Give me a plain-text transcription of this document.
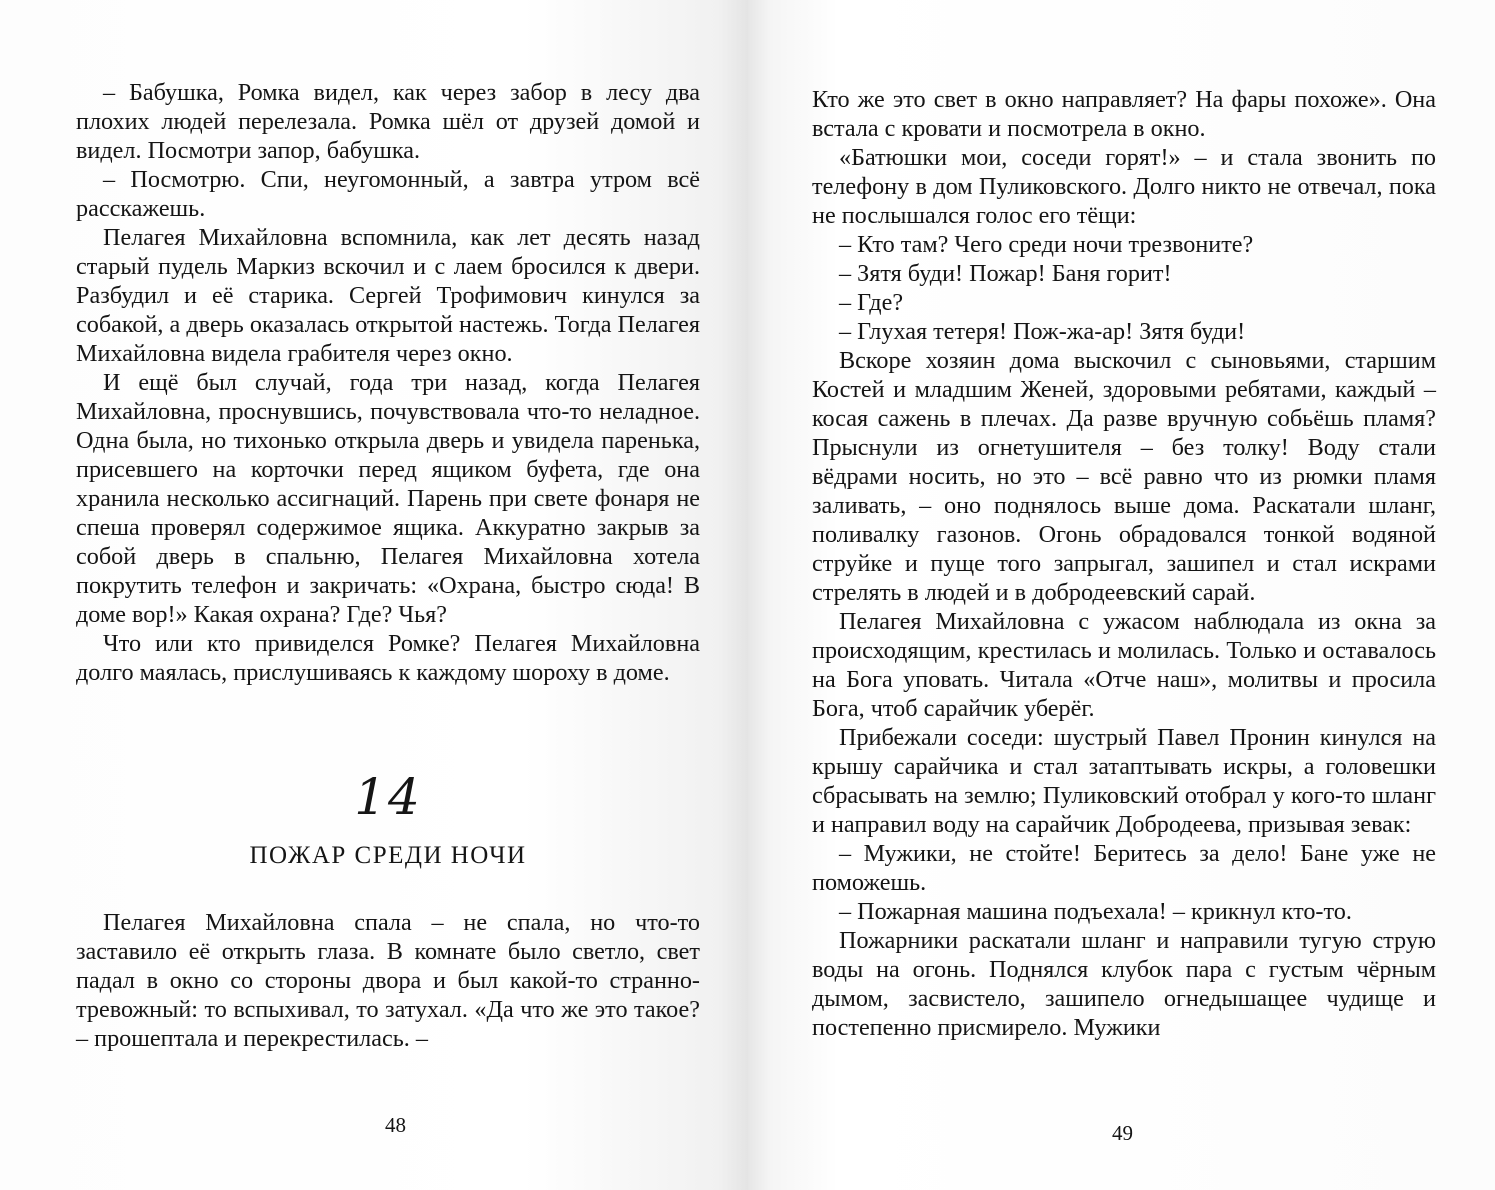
– Бабушка, Ромка видел, как через забор в лесу два плохих людей перелезала. Ромка шёл от друзей домой и видел. Посмотри запор, бабушка.

– Посмотрю. Спи, неугомонный, а завтра утром всё расскажешь.

Пелагея Михайловна вспомнила, как лет десять назад старый пудель Маркиз вскочил и с лаем бросился к двери. Разбудил и её старика. Сергей Трофимович кинулся за собакой, а дверь оказалась открытой настежь. Тогда Пелагея Михайловна видела грабителя через окно.

И ещё был случай, года три назад, когда Пелагея Михайловна, проснувшись, почувствовала что-то неладное. Одна была, но тихонько открыла дверь и увидела паренька, присевшего на корточки перед ящиком буфета, где она хранила несколько ассигнаций. Парень при свете фонаря не спеша проверял содержимое ящика. Аккуратно закрыв за собой дверь в спальню, Пелагея Михайловна хотела покрутить телефон и закричать: «Охрана, быстро сюда! В доме вор!» Какая охрана? Где? Чья?

Что или кто привиделся Ромке? Пелагея Михайловна долго маялась, прислушиваясь к каждому шороху в доме.

14
ПОЖАР СРЕДИ НОЧИ

Пелагея Михайловна спала – не спала, но что-то заставило её открыть глаза. В комнате было светло, свет падал в окно со стороны двора и был какой-то странно-тревожный: то вспыхивал, то затухал. «Да что же это такое? – прошептала и перекрестилась. –

48

Кто же это свет в окно направляет? На фары похоже». Она встала с кровати и посмотрела в окно.

«Батюшки мои, соседи горят!» – и стала звонить по телефону в дом Пуликовского. Долго никто не отвечал, пока не послышался голос его тёщи:

– Кто там? Чего среди ночи трезвоните?

– Зятя буди! Пожар! Баня горит!

– Где?

– Глухая тетеря! Пож-жа-ар! Зятя буди!

Вскоре хозяин дома выскочил с сыновьями, старшим Костей и младшим Женей, здоровыми ребятами, каждый – косая сажень в плечах. Да разве вручную собьёшь пламя? Прыснули из огнетушителя – без толку! Воду стали вёдрами носить, но это – всё равно что из рюмки пламя заливать, – оно поднялось выше дома. Раскатали шланг, поливалку газонов. Огонь обрадовался тонкой водяной струйке и пуще того запрыгал, зашипел и стал искрами стрелять в людей и в добродеевский сарай.

Пелагея Михайловна с ужасом наблюдала из окна за происходящим, крестилась и молилась. Только и оставалось на Бога уповать. Читала «Отче наш», молитвы и просила Бога, чтоб сарайчик уберёг.

Прибежали соседи: шустрый Павел Пронин кинулся на крышу сарайчика и стал затаптывать искры, а головешки сбрасывать на землю; Пуликовский отобрал у кого-то шланг и направил воду на сарайчик Добродеева, призывая зевак:

– Мужики, не стойте! Беритесь за дело! Бане уже не поможешь.

– Пожарная машина подъехала! – крикнул кто-то.

Пожарники раскатали шланг и направили тугую струю воды на огонь. Поднялся клубок пара с густым чёрным дымом, засвистело, зашипело огнедышащее чудище и постепенно присмирело. Мужики

49
